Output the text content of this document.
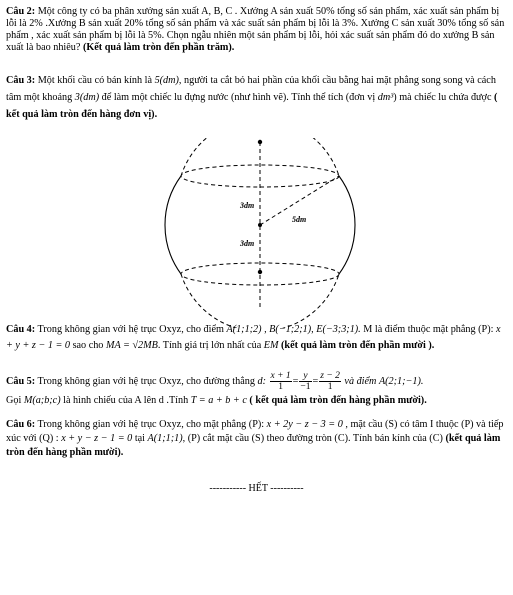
Câu 2: Một công ty có ba phân xưởng sản xuất A, B, C . Xưởng A sản xuất 50% tổng số sản phẩm, xác xuất sản phẩm bị lỗi là 2% .Xưởng B sản xuất 20% tổng số sản phẩm và xác suất sản phẩm bị lỗi là 3%. Xưởng C sản xuất 30% tổng số sản phẩm , xác xuất sản phẩm bị lỗi là 5%. Chọn ngẫu nhiên một sản phẩm bị lỗi, hỏi xác suất sản phẩm đó do xưởng B sản xuất là bao nhiêu? (Kết quả làm tròn đến phần trăm).

Câu 3: Một khối cầu có bán kính là 5(dm), người ta cắt bỏ hai phần của khối cầu bằng hai mặt phẳng song song và cách tâm một khoảng 3(dm) để làm một chiếc lu đựng nước (như hình vẽ). Tính thể tích (đơn vị dm³) mà chiếc lu chứa được ( kết quả làm tròn đến hàng đơn vị).

3dm
5dm
3dm

Câu 4: Trong không gian với hệ trục Oxyz, cho điểm A(1;1;2) , B(−1;2;1), E(−3;3;1). M là điểm thuộc mặt phẳng (P): x + y + z − 1 = 0 sao cho MA = √2MB. Tính giá trị lớn nhất của EM (kết quả làm tròn đến phần mười ).

Câu 5: Trong không gian với hệ trục Oxyz, cho đường thẳng d: $\frac{x + 1}{1} = \frac{y}{-1} = \frac{z - 2}{1}$ và điểm A(2;1;−1).
Gọi M(a;b;c) là hình chiếu của A lên d .Tính T = a + b + c ( kết quả làm tròn đến hàng phần mười).

Câu 6: Trong không gian với hệ trục Oxyz, cho mặt phẳng (P): x + 2y − z − 3 = 0 , mặt cầu (S) có tâm I thuộc (P) và tiếp xúc với (Q) : x + y − z − 1 = 0 tại A(1;1;1), (P) cắt mặt cầu (S) theo đường tròn (C). Tính bán kính của (C) (kết quả làm tròn đến hàng phần mười).

----------- HẾT ----------
